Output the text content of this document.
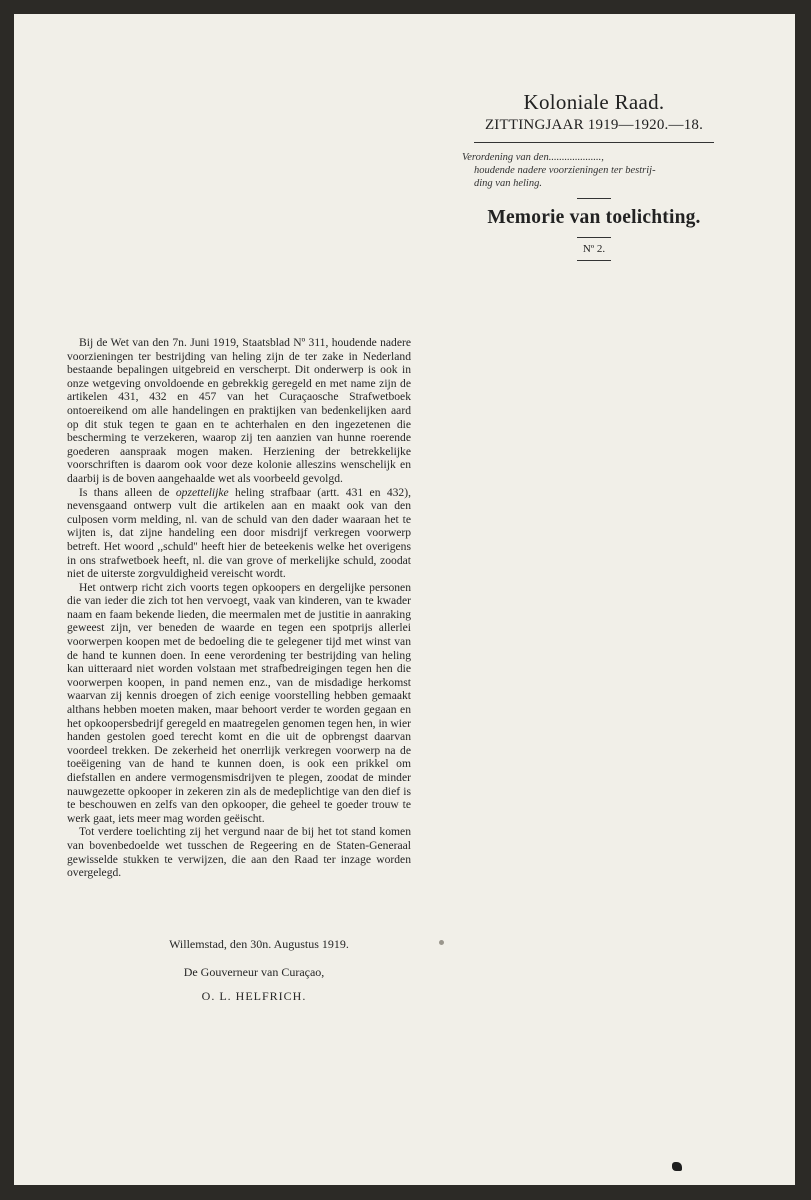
Koloniale Raad.
ZITTINGJAAR 1919—1920.—18.
Verordening van den....................,
houdende nadere voorzieningen ter bestrij-
ding van heling.
Memorie van toelichting.
Nº 2.

Bij de Wet van den 7n. Juni 1919, Staatsblad Nº 311, houdende nadere voorzieningen ter bestrijding van heling zijn de ter zake in Nederland bestaande bepalingen uitgebreid en verscherpt. Dit onderwerp is ook in onze wetgeving onvoldoende en gebrekkig geregeld en met name zijn de artikelen 431, 432 en 457 van het Curaçaosche Strafwetboek ontoereikend om alle handelingen en praktijken van bedenkelijken aard op dit stuk tegen te gaan en te achterhalen en den ingezetenen die bescherming te verzekeren, waarop zij ten aanzien van hunne roerende goederen aanspraak mogen maken. Herziening der betrekkelijke voorschriften is daarom ook voor deze kolonie alleszins wenschelijk en daarbij is de boven aangehaalde wet als voorbeeld gevolgd.

Is thans alleen de opzettelijke heling strafbaar (artt. 431 en 432), nevensgaand ontwerp vult die artikelen aan en maakt ook van den culposen vorm melding, nl. van de schuld van den dader waaraan het te wijten is, dat zijne handeling een door misdrijf verkregen voorwerp betreft. Het woord ,,schuld'' heeft hier de beteekenis welke het overigens in ons strafwetboek heeft, nl. die van grove of merkelijke schuld, zoodat niet de uiterste zorgvuldigheid vereischt wordt.

Het ontwerp richt zich voorts tegen opkoopers en dergelijke personen die van ieder die zich tot hen vervoegt, vaak van kinderen, van te kwader naam en faam bekende lieden, die meermalen met de justitie in aanraking geweest zijn, ver beneden de waarde en tegen een spotprijs allerlei voorwerpen koopen met de bedoeling die te gelegener tijd met winst van de hand te kunnen doen. In eene verordening ter bestrijding van heling kan uitteraard niet worden volstaan met strafbedreigingen tegen hen die voorwerpen koopen, in pand nemen enz., van de misdadige herkomst waarvan zij kennis droegen of zich eenige voorstelling hebben gemaakt althans hebben moeten maken, maar behoort verder te worden gegaan en het opkoopersbedrijf geregeld en maatregelen genomen tegen hen, in wier handen gestolen goed terecht komt en die uit de opbrengst daarvan voordeel trekken. De zekerheid het onerrlijk verkregen voorwerp na de toeëigening van de hand te kunnen doen, is ook een prikkel om diefstallen en andere vermogensmisdrijven te plegen, zoodat de minder nauwgezette opkooper in zekeren zin als de medeplichtige van den dief is te beschouwen en zelfs van den opkooper, die geheel te goeder trouw te werk gaat, iets meer mag worden geëischt.

Tot verdere toelichting zij het vergund naar de bij het tot stand komen van bovenbedoelde wet tusschen de Regeering en de Staten-Generaal gewisselde stukken te verwijzen, die aan den Raad ter inzage worden overgelegd.

Willemstad, den 30n. Augustus 1919.
De Gouverneur van Curaçao,
O. L. HELFRICH.
